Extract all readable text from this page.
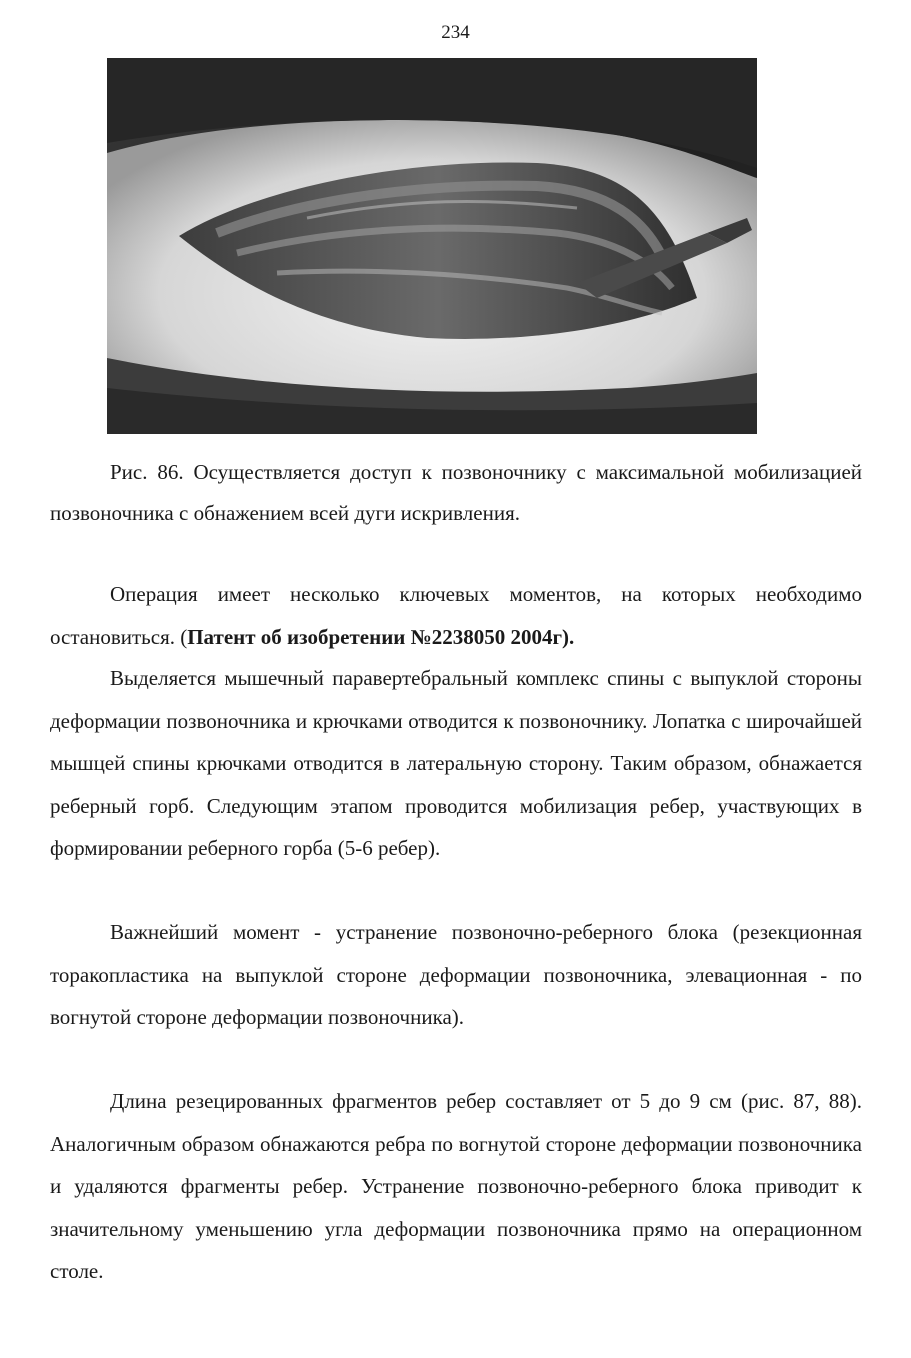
234
Рис. 86. Осуществляется доступ к позвоночнику с максимальной мобилизацией позвоночника с обнажением всей дуги искривления.

Операция имеет несколько ключевых моментов, на которых необходимо остановиться. (Патент об изобретении №2238050 2004г).

Выделяется мышечный паравертебральный комплекс спины с выпуклой стороны деформации позвоночника и крючками отводится к позвоночнику. Лопатка с широчайшей мышцей спины крючками отводится в латеральную сторону. Таким образом, обнажается реберный горб. Следующим этапом проводится мобилизация ребер, участвующих в формировании реберного горба (5-6 ребер).

Важнейший момент - устранение позвоночно-реберного блока (резекционная торакопластика на выпуклой стороне деформации позвоночника, элевационная - по вогнутой стороне деформации позвоночника).

Длина резецированных фрагментов ребер составляет от 5 до 9 см (рис. 87, 88). Аналогичным образом обнажаются ребра по вогнутой стороне деформации позвоночника и удаляются фрагменты ребер. Устранение позвоночно-реберного блока приводит к значительному уменьшению угла деформации позвоночника прямо на операционном столе.
